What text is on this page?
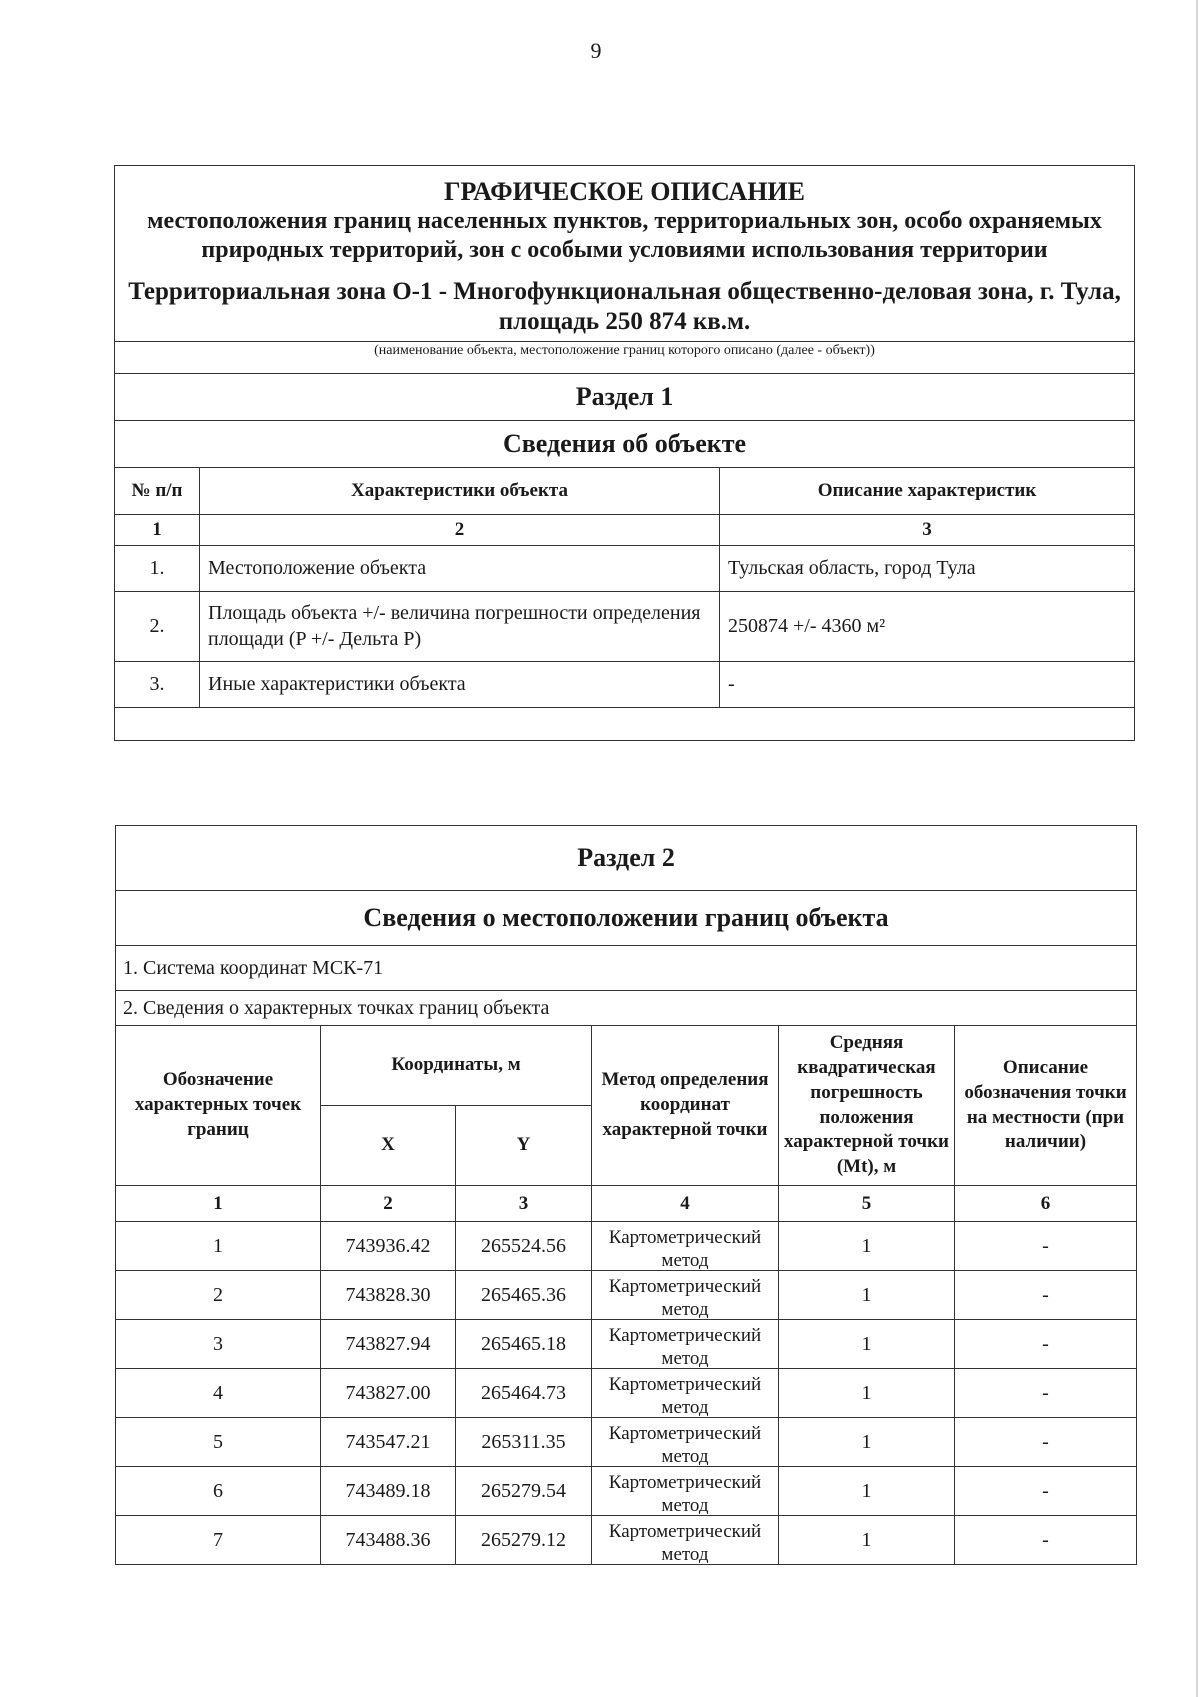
9
ГРАФИЧЕСКОЕ ОПИСАНИЕ
местоположения границ населенных пунктов, территориальных зон, особо охраняемых природных территорий, зон с особыми условиями использования территории
Территориальная зона О-1 - Многофункциональная общественно-деловая зона, г. Тула, площадь 250 874 кв.м.		

(наименование объекта, местоположение границ которого описано (далее - объект))		
Раздел 1		
Сведения об объекте		
№ п/п	Характеристики объекта	Описание характеристик
1	2	3
1.	Местоположение объекта	Тульская область, город Тула
2.	Площадь объекта +/- величина погрешности определения площади (P +/- Дельта P)	250874 +/- 4360 м²
3.	Иные характеристики объекта	-

Раздел 2					
Сведения о местоположении границ объекта					
1. Система координат МСК-71					
2. Сведения о характерных точках границ объекта					
Обозначение характерных точек границ	Координаты, м		Метод определения координат характерной точки	Средняя квадратическая погрешность положения характерной точки (Mt), м	Описание обозначения точки на местности (при наличии)
	X	Y			
1	2	3	4	5	6
1	743936.42	265524.56	Картометрический метод	1	-
2	743828.30	265465.36	Картометрический метод	1	-
3	743827.94	265465.18	Картометрический метод	1	-
4	743827.00	265464.73	Картометрический метод	1	-
5	743547.21	265311.35	Картометрический метод	1	-
6	743489.18	265279.54	Картометрический метод	1	-
7	743488.36	265279.12	Картометрический метод	1	-
